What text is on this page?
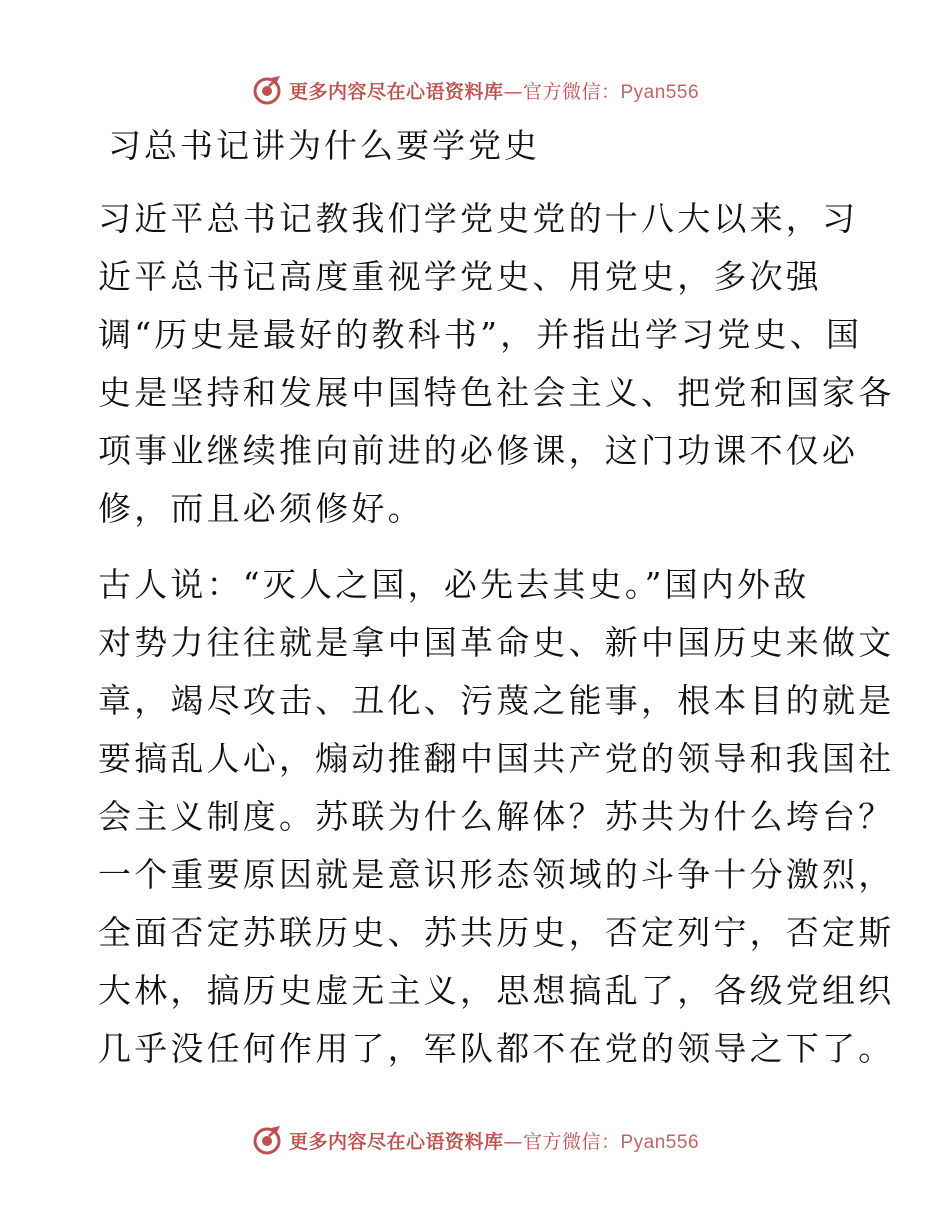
更多内容尽在心语资料库—官方微信：Pyan556
习总书记讲为什么要学党史
习近平总书记教我们学党史党的十八大以来，习
近平总书记高度重视学党史、用党史，多次强
调“历史是最好的教科书”，并指出学习党史、国
史是坚持和发展中国特色社会主义、把党和国家各
项事业继续推向前进的必修课，这门功课不仅必
修，而且必须修好。
古人说：“灭人之国，必先去其史。”国内外敌
对势力往往就是拿中国革命史、新中国历史来做文
章，竭尽攻击、丑化、污蔑之能事，根本目的就是
要搞乱人心，煽动推翻中国共产党的领导和我国社
会主义制度。苏联为什么解体？苏共为什么垮台？
一个重要原因就是意识形态领域的斗争十分激烈，
全面否定苏联历史、苏共历史，否定列宁，否定斯
大林，搞历史虚无主义，思想搞乱了，各级党组织
几乎没任何作用了，军队都不在党的领导之下了。
更多内容尽在心语资料库—官方微信：Pyan556
